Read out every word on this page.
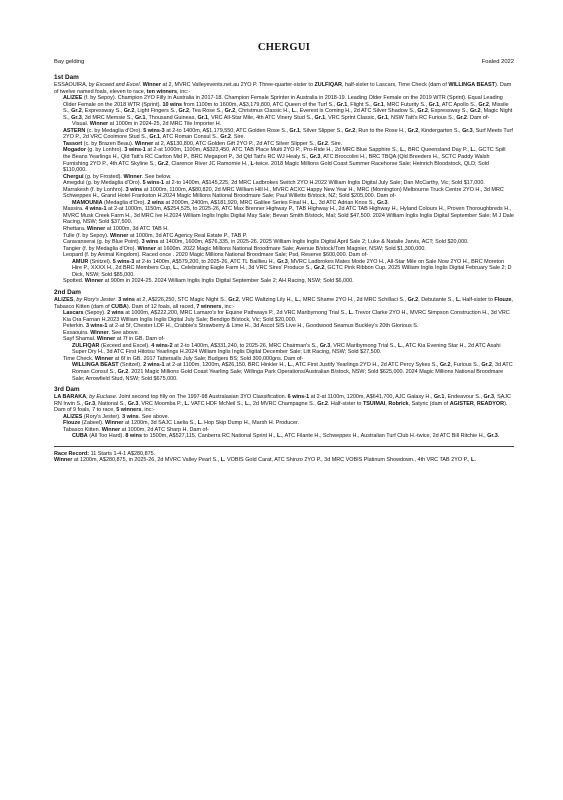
CHERGUI
Bay gelding	Foaled 2022
1st Dam
ESSAOUIRA, by Exceed and Excel. Winner at 2, MVRC Valleyevents.net.au 2YO P. Three-quarter-sister to ZULFIQAR, half-sister to Lascars, Time Check (dam of WILLINGA BEAST). Dam of twelve named foals, eleven to race, ten winners, inc:-
ALIZEE (f. by Sepoy). Champion 2YO Filly in Australia in 2017-18. Champion Female Sprinter in Australia in 2018-19. Leading Older Female on the 2019 WTR (Sprint). Equal Leading Older Female on the 2018 WTR (Sprint). 10 wins from 1100m to 1600m, A$3,179,800, ATC Queen of the Turf S., Gr.1, Flight S., Gr.1, MRC Futurity S., Gr.1, ATC Apollo S., Gr.2, Missile S., Gr.2, Expressway S., Gr.2, Light Fingers S., Gr.2, Tea Rose S., Gr.2, Christmus Classic H., L., Everest is Coming H., 2d ATC Silver Shadow S., Gr.2, Expressway S., Gr.2, Magic Night S., Gr.3, 3d MRC Memsie S., Gr.1, Thousand Guineas, Gr.1, VRC All-Star Mile, 4th ATC Vinery Stud S., Gr.1, VRC Sprint Classic, Gr.1, NSW Tatt's RC Furious S., Gr.2. Dam of-
Visual. Winner at 1000m in 2024-25, 2d MRC Tile Importer H.
ASTERN (c. by Medaglia d'Oro). 5 wins-3 at 2-to 1400m, A$1,179,550, ATC Golden Rose S., Gr.1, Silver Slipper S., Gr.2, Run to the Rose H., Gr.2, Kindergarten S., Gr.3, Surf Meets Turf 2YO P., 2d VRC Coolmore Stud S., Gr.1, ATC Roman Consul S., Gr.2. Sire.
Tassort (c. by Brazen Beau). Winner at 2, A$130,800, ATC Golden Gift 2YO P., 2d ATC Silver Slipper S., Gr.2. Sire.
Mogador (g. by Lonhro). 3 wins-1 at 2-at 1000m, 1100m, A$323,450, ATC TAB Place Multi 2YO P., Pro-Ride H., 2d MRC Blue Sapphire S., L., BRC Queensland Day P., L., GCTC Spill the Beans Yearlings H., Qld Tatt's RC Carlton Mid P., BRC Megaport P., 3d Qld Tatt's RC WJ Healy S., Gr.3, ATC Broccolini H., BRC TBQA (Qld Breeders H., SCTC Paddy Walsh Furnishing 2YO P., 4th ATC Skyline S., Gr.2, Clarence River JC Ramornie H., L-twice. 2018 Magic Millions Gold Coast Summer Racehorse Sale; Heinrich Bloodstock, QLD; Sold $110,000.
Chergui (g. by Frosted). Winner. See below.
Amegdul (g. by Medaglia d'Oro). 5 wins-1 at 2-to 1400m, A$145,225, 2d MRC Ladbrokes Switch 2YO H.2022 William Inglis Digital July Sale; Dan McCarthy, Vic; Sold $17,000.
Marrakesh (f. by Lonhro). 3 wins at 1000m, 1100m, A$80,820, 2d MRC William Hill H., MVRC ACXC Happy New Year H., MRC (Mornington) Melbourne Truck Centre 2YO H., 3d MRC Schweppes H., Grand Hotel Frankston H.2024 Magic Millions National Broodmare Sale; Paul Willetts B/stock, NZ; Sold $205,000. Dam of-
MAMOUNIA (Medaglia d'Oro). 2 wins at 2000m, 2400m, A$181,920, MRC Galilee Series Final H., L., 3d ATC Adrian Knox S., Gr.3.
Massira. 4 wins-1 at 2-at 1000m, 1150m, A$254,525, to 2025-26, ATC Max Brenner Highway P., TAB Highway H., 2d ATC TAB Highway H., Hyland Colours H., Proven Thoroughbreds H., MVRC Musk Creek Farm H., 3d MRC Ive H.2024 William Inglis Inglis Digital May Sale; Bevan Smith B/stock, Mal; Sold $47,500. 2024 William Inglis Inglis Digital September Sale; M J Dale Racing, NSW; Sold $37,500.
Rhettara. Winner at 1000m, 3d ATC TAB H.
Tulle (f. by Sepoy). Winner at 1000m, 3d ATC Agency Real Estate P., TAB P.
Caravanserai (g. by Blue Point). 3 wins at 1400m, 1600m, A$76,335, in 2025-26. 2025 William Inglis Inglis Digital April Sale 2; Luke & Natalie Jarvis, ACT; Sold $20,000.
Tangier (f. by Medaglia d'Oro). Winner at 1600m. 2022 Magic Millions National Broodmare Sale; Avenue B/stock/Tom Magnier, NSW; Sold $1,300,000.
Leopard (f. by Animal Kingdom). Raced once . 2020 Magic Millions National Broodmare Sale; Psd, Reserve $600,000. Dam of-
AMUR (Snitzel). 5 wins-3 at 2-to 1400m, A$579,200, to 2025-26, ATC TL Baillieu H., Gr.3, MVRC Ladbrokes Mates Mode 2YO H., All-Star Mile on Sale Now 2YO H., BRC Moreton Hire P., XXXX H., 2d BRC Members Cup, L., Celebrating Eagle Farm H., 3d VRC Sires' Produce S., Gr.2, GCTC Pink Ribbon Cup. 2025 William Inglis Inglis Digital February Sale 2; D Dick, NSW; Sold $85,000.
Spotted. Winner at 900m in 2024-25. 2024 William Inglis Inglis Digital September Sale 2; AH Racing, NSW; Sold $6,000.
2nd Dam
ALIZES, by Rory's Jester. 3 wins at 2, A$226,250, STC Magic Night S., Gr.2, VRC Waltzing Lily H., L., MRC Shame 2YO H., 2d MRC Schillaci S., Gr.2, Debutante S., L. Half-sister to Flouze, Tabasco Kitten (dam of CUBA). Dam of 12 foals, all raced, 7 winners, inc:-
Lascars (Sepoy). 2 wins at 1000m, A$222,200, MRC Lamaro's for Equine Pathways P., 2d VRC Maribyrnong Trial S., L. Trevor Clarke 2YO H., MVRC Simpson Construction H., 3d VRC Kia Ora Farnan H.2023 William Inglis Inglis Digital July Sale; Bendigo B/stock, Vic; Sold $20,000.
Peterkin. 3 wins-1 at 2-at 5f, Chester LDF H., Crabbie's Strawberry & Lime H., 3d Ascot SIS Live H., Goodwood Seamus Buckley's 20th Glorious S.
Essaouira. Winner. See above.
Sayf Shamal. Winner at 7f in GB. Dam of-
ZULFIQAR (Exceed and Excel). 4 wins-2 at 2-to 1400m, A$331,240, to 2025-26, MRC Chairman's S., Gr.3, VRC Maribyrnong Trial S., L., ATC Kia Evening Star H., 2d ATC Asahi Super Dry H., 3d ATC First Hitotsu Yearlings H.2024 William Inglis Inglis Digital December Sale; Litt Racing, NSW; Sold $27,500.
Time Check. Winner at 6f in GB. 2017 Tattersalls July Sale; Budgers BS; Sold 300,000gns. Dam of-
WILLINGA BEAST (Snitzel). 2 wins-1 at 2-at 1100m, 1200m, A$26,150, BRC Hinkler H., L., ATC First Justify Yearlings 2YO H., 2d ATC Percy Sykes S., Gr.2, Furious S., Gr.2, 3d ATC Roman Consul S., Gr.2. 2021 Magic Millions Gold Coast Yearling Sale; Willinga Park Operations/Australian B/stock, NSW; Sold $625,000. 2024 Magic Millions National Broodmare Sale; Arrowfield Stud, NSW; Sold $675,000.
3rd Dam
LA BARAKA, by Euclase. Joint second top filly on The 1997-98 Australasian 3YO Classification. 6 wins-1 at 2-at 1100m, 1200m, A$641,700, AJC Galaxy H., Gr.1, Endeavour S., Gr.3, SAJC RN Irwin S., Gr.3, National S., Gr.3, VRC Moomba P., L. VATC HDF McNeil S., L., 2d MVRC Champagne S., Gr.2. Half-sister to TSUIMAI, Robrick, Satyric (dam of AGISTER, READYOR). Dam of 9 foals, 7 to race, 5 winners, inc:-
ALIZES (Rory's Jester). 3 wins. See above.
Flouze (Zabeel). Winner at 1200m, 3d SAJC Laelia S., L. Hop Skip Dump H., Marsh H. Producer.
Tabasco Kitten. Winner at 1000m, 2d ATC Sharp H. Dam of-
CUBA (All Too Hard). 8 wins to 1500m, A$527,115, Canberra RC National Sprint H., L., ATC Filante H., Schweppes H., Australian Turf Club H.-twice, 2d ATC Bill Ritchie H., Gr.3.
Race Record: 11 Starts 1-4-1 A$280,875.
Winner at 1200m, A$280,875, in 2025-26, 2d MVRC Valley Pearl S., L. VOBIS Gold Carat, ATC Shinzo 2YO P., 3d MRC VOBIS Platinum Showdown., 4th VRC TAB 2YO P., L.
